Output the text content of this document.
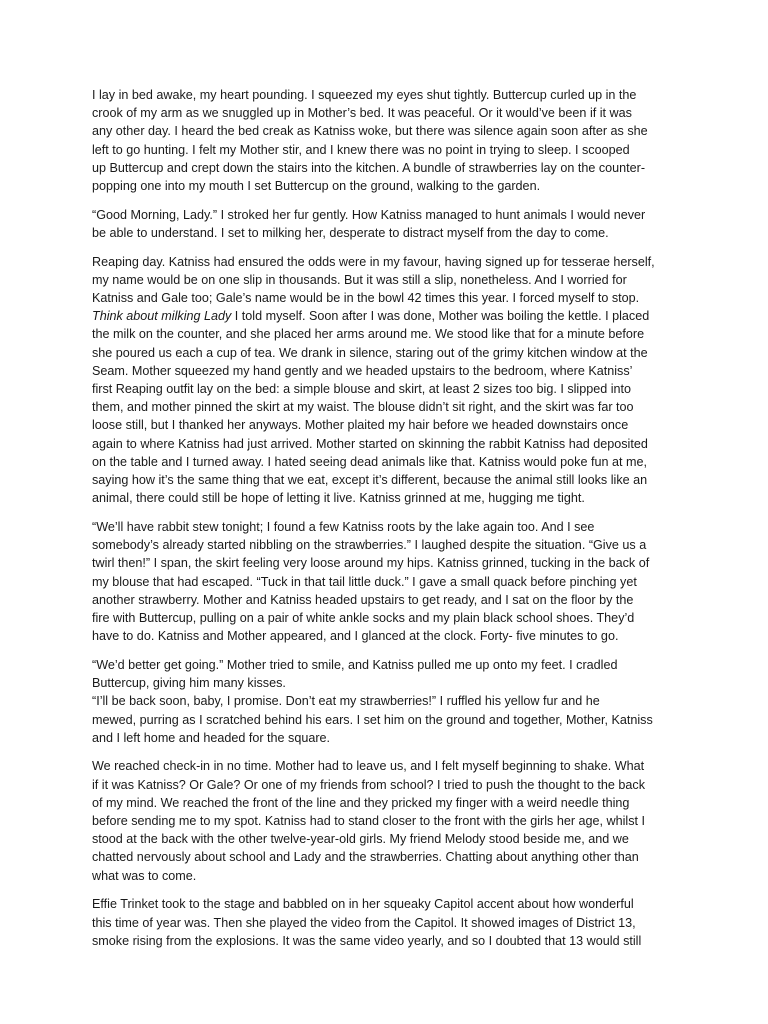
I lay in bed awake, my heart pounding. I squeezed my eyes shut tightly. Buttercup curled up in the
crook of my arm as we snuggled up in Mother’s bed. It was peaceful. Or it would’ve been if it was
any other day. I heard the bed creak as Katniss woke, but there was silence again soon after as she
left to go hunting. I felt my Mother stir, and I knew there was no point in trying to sleep. I scooped
up Buttercup and crept down the stairs into the kitchen. A bundle of strawberries lay on the counter-
popping one into my mouth I set Buttercup on the ground, walking to the garden.

“Good Morning, Lady.” I stroked her fur gently. How Katniss managed to hunt animals I would never
be able to understand. I set to milking her, desperate to distract myself from the day to come.

Reaping day. Katniss had ensured the odds were in my favour, having signed up for tesserae herself,
my name would be on one slip in thousands. But it was still a slip, nonetheless. And I worried for
Katniss and Gale too; Gale’s name would be in the bowl 42 times this year. I forced myself to stop.
Think about milking Lady I told myself. Soon after I was done, Mother was boiling the kettle. I placed
the milk on the counter, and she placed her arms around me. We stood like that for a minute before
she poured us each a cup of tea. We drank in silence, staring out of the grimy kitchen window at the
Seam. Mother squeezed my hand gently and we headed upstairs to the bedroom, where Katniss’
first Reaping outfit lay on the bed: a simple blouse and skirt, at least 2 sizes too big. I slipped into
them, and mother pinned the skirt at my waist. The blouse didn’t sit right, and the skirt was far too
loose still, but I thanked her anyways. Mother plaited my hair before we headed downstairs once
again to where Katniss had just arrived. Mother started on skinning the rabbit Katniss had deposited
on the table and I turned away. I hated seeing dead animals like that. Katniss would poke fun at me,
saying how it’s the same thing that we eat, except it’s different, because the animal still looks like an
animal, there could still be hope of letting it live. Katniss grinned at me, hugging me tight.

“We’ll have rabbit stew tonight; I found a few Katniss roots by the lake again too. And I see
somebody’s already started nibbling on the strawberries.” I laughed despite the situation. “Give us a
twirl then!” I span, the skirt feeling very loose around my hips. Katniss grinned, tucking in the back of
my blouse that had escaped. “Tuck in that tail little duck.” I gave a small quack before pinching yet
another strawberry. Mother and Katniss headed upstairs to get ready, and I sat on the floor by the
fire with Buttercup, pulling on a pair of white ankle socks and my plain black school shoes. They’d
have to do. Katniss and Mother appeared, and I glanced at the clock. Forty- five minutes to go.

“We’d better get going.” Mother tried to smile, and Katniss pulled me up onto my feet. I cradled
Buttercup, giving him many kisses.
“I’ll be back soon, baby, I promise. Don’t eat my strawberries!” I ruffled his yellow fur and he
mewed, purring as I scratched behind his ears. I set him on the ground and together, Mother, Katniss
and I left home and headed for the square.

We reached check-in in no time. Mother had to leave us, and I felt myself beginning to shake. What
if it was Katniss? Or Gale? Or one of my friends from school? I tried to push the thought to the back
of my mind. We reached the front of the line and they pricked my finger with a weird needle thing
before sending me to my spot. Katniss had to stand closer to the front with the girls her age, whilst I
stood at the back with the other twelve-year-old girls. My friend Melody stood beside me, and we
chatted nervously about school and Lady and the strawberries. Chatting about anything other than
what was to come.

Effie Trinket took to the stage and babbled on in her squeaky Capitol accent about how wonderful
this time of year was. Then she played the video from the Capitol. It showed images of District 13,
smoke rising from the explosions. It was the same video yearly, and so I doubted that 13 would still
